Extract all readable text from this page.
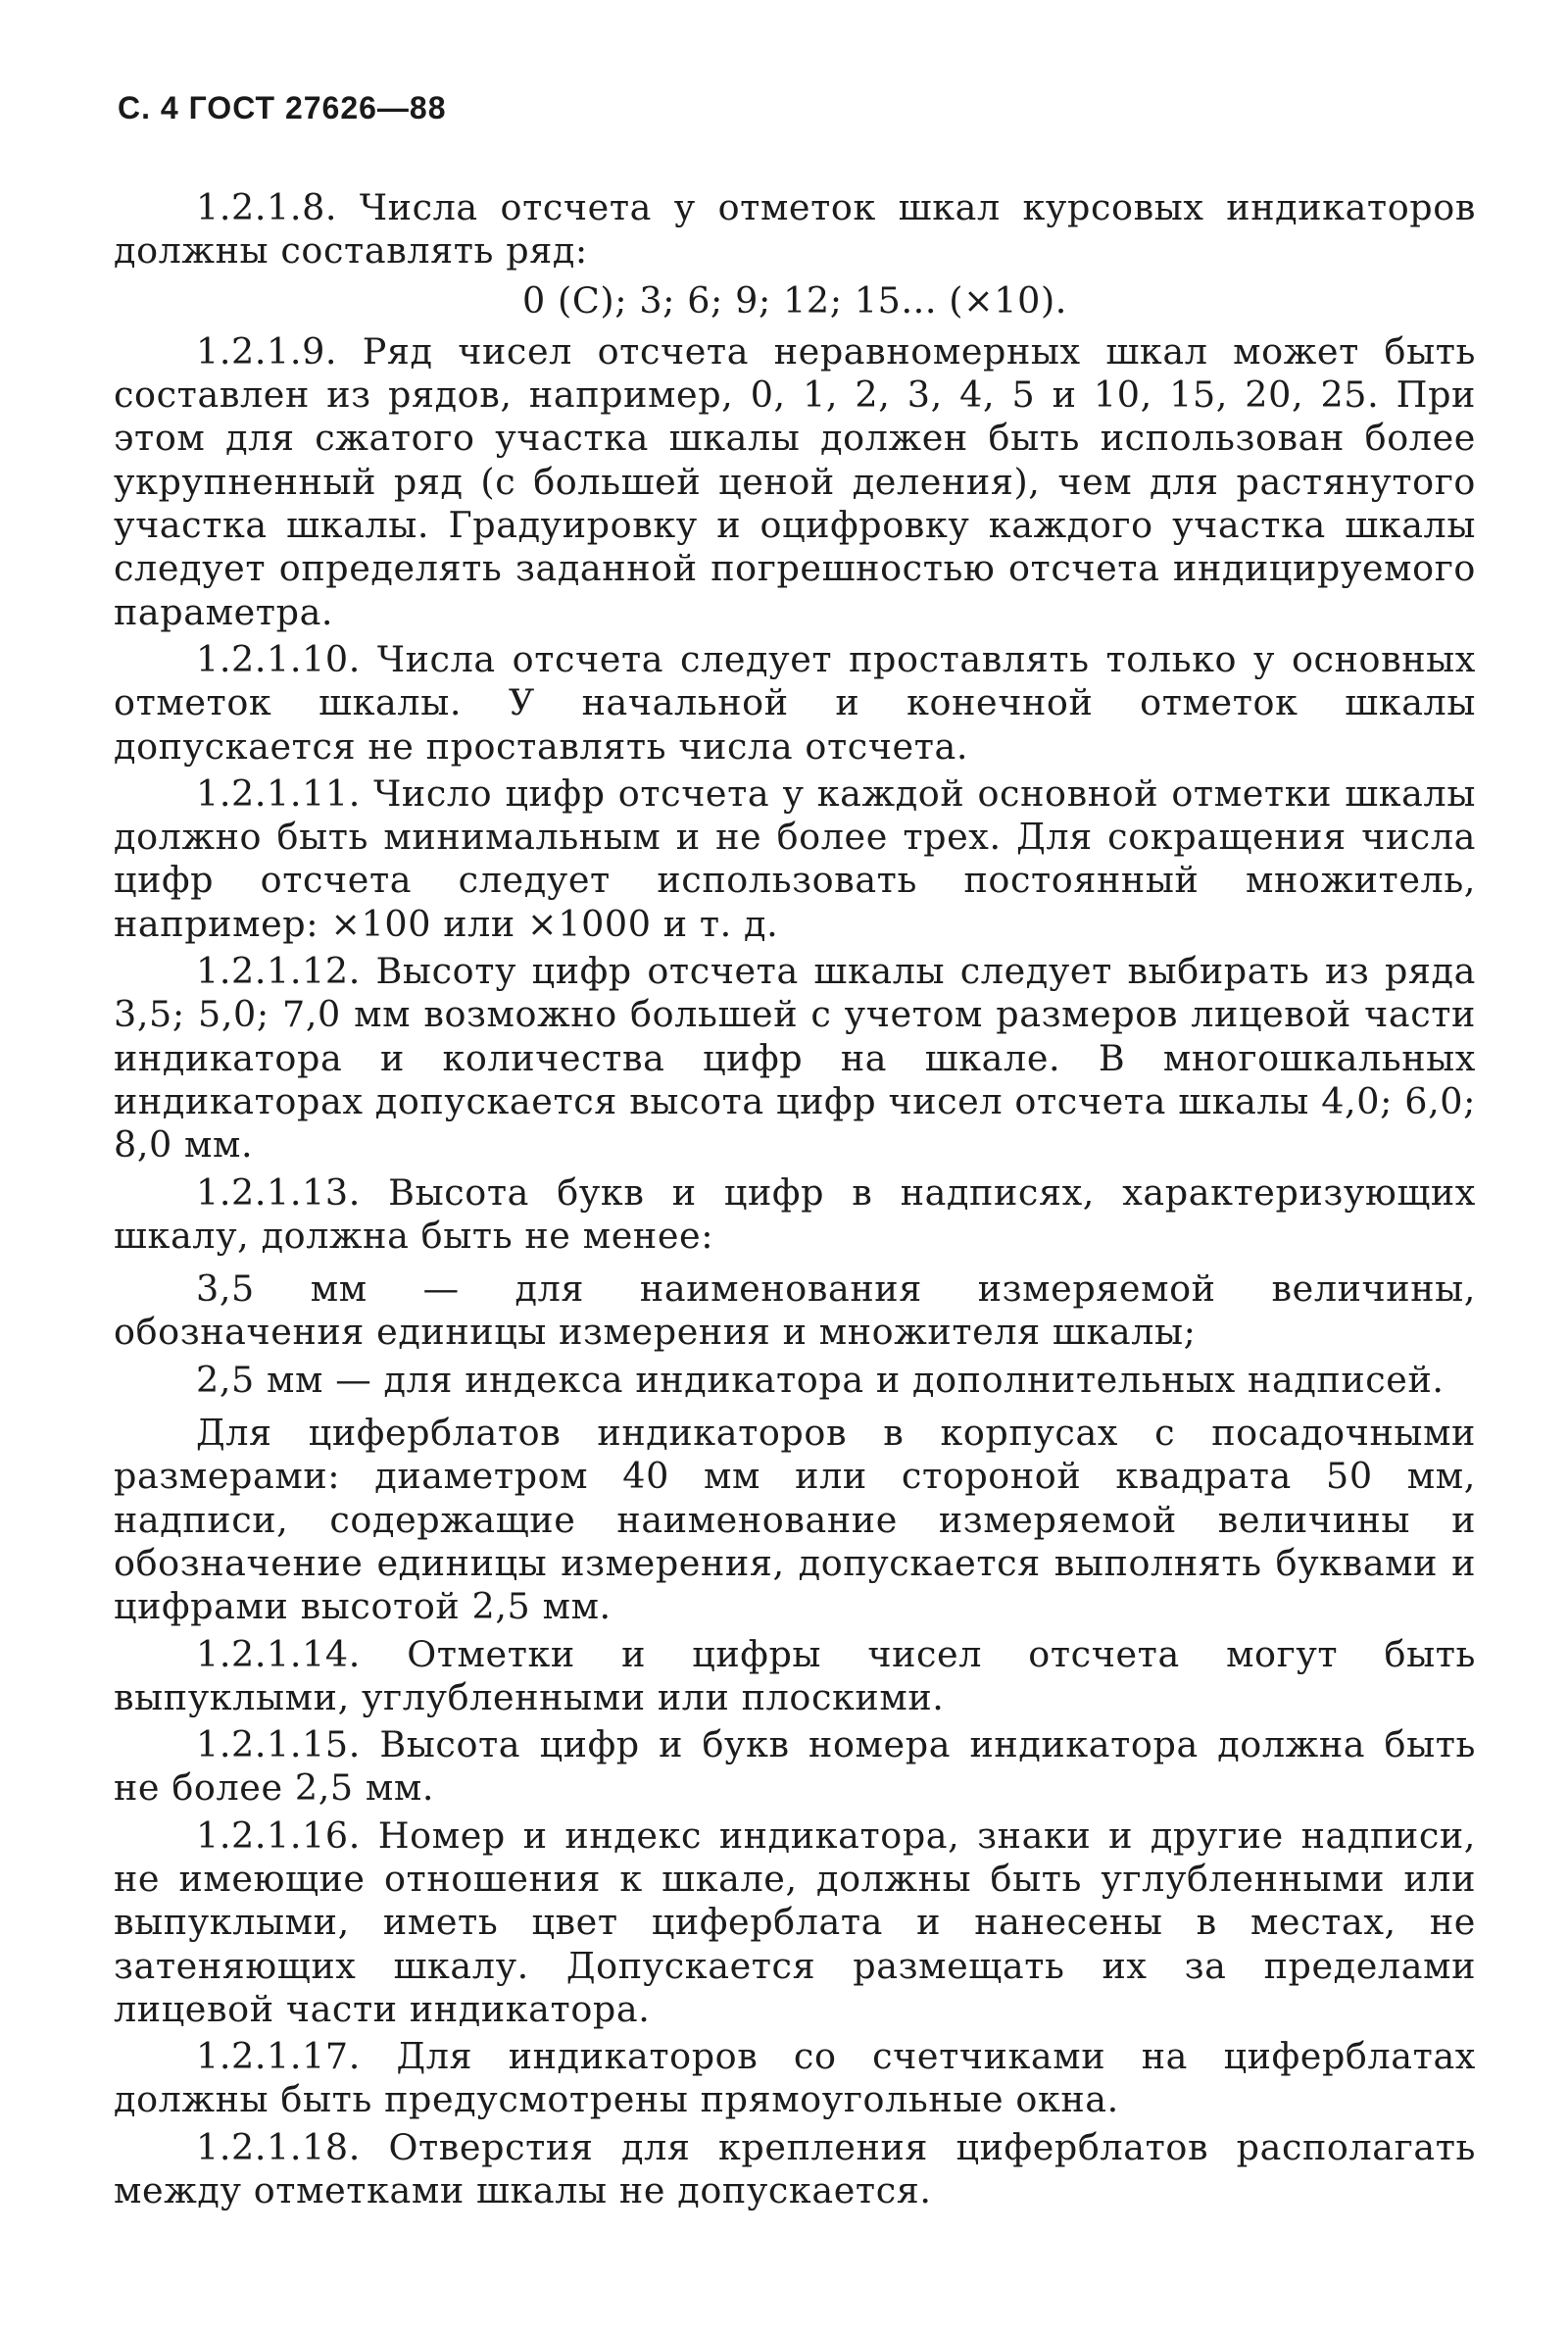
С. 4 ГОСТ 27626—88

1.2.1.8. Числа отсчета у отметок шкал курсовых индикаторов должны составлять ряд:

0 (С); 3; 6; 9; 12; 15... (×10).

1.2.1.9. Ряд чисел отсчета неравномерных шкал может быть составлен из рядов, например, 0, 1, 2, 3, 4, 5 и 10, 15, 20, 25. При этом для сжатого участка шкалы должен быть использован более укрупненный ряд (с большей ценой деления), чем для растянутого участка шкалы. Градуировку и оцифровку каждого участка шкалы следует определять заданной погрешностью отсчета индицируемого параметра.

1.2.1.10. Числа отсчета следует проставлять только у основных отметок шкалы. У начальной и конечной отметок шкалы допускается не проставлять числа отсчета.

1.2.1.11. Число цифр отсчета у каждой основной отметки шкалы должно быть минимальным и не более трех. Для сокращения числа цифр отсчета следует использовать постоянный множитель, например: ×100 или ×1000 и т. д.

1.2.1.12. Высоту цифр отсчета шкалы следует выбирать из ряда 3,5; 5,0; 7,0 мм возможно большей с учетом размеров лицевой части индикатора и количества цифр на шкале. В многошкальных индикаторах допускается высота цифр чисел отсчета шкалы 4,0; 6,0; 8,0 мм.

1.2.1.13. Высота букв и цифр в надписях, характеризующих шкалу, должна быть не менее:

3,5 мм — для наименования измеряемой величины, обозначения единицы измерения и множителя шкалы;

2,5 мм — для индекса индикатора и дополнительных надписей.

Для циферблатов индикаторов в корпусах с посадочными размерами: диаметром 40 мм или стороной квадрата 50 мм, надписи, содержащие наименование измеряемой величины и обозначение единицы измерения, допускается выполнять буквами и цифрами высотой 2,5 мм.

1.2.1.14. Отметки и цифры чисел отсчета могут быть выпуклыми, углубленными или плоскими.

1.2.1.15. Высота цифр и букв номера индикатора должна быть не более 2,5 мм.

1.2.1.16. Номер и индекс индикатора, знаки и другие надписи, не имеющие отношения к шкале, должны быть углубленными или выпуклыми, иметь цвет циферблата и нанесены в местах, не затеняющих шкалу. Допускается размещать их за пределами лицевой части индикатора.

1.2.1.17. Для индикаторов со счетчиками на циферблатах должны быть предусмотрены прямоугольные окна.

1.2.1.18. Отверстия для крепления циферблатов располагать между отметками шкалы не допускается.
